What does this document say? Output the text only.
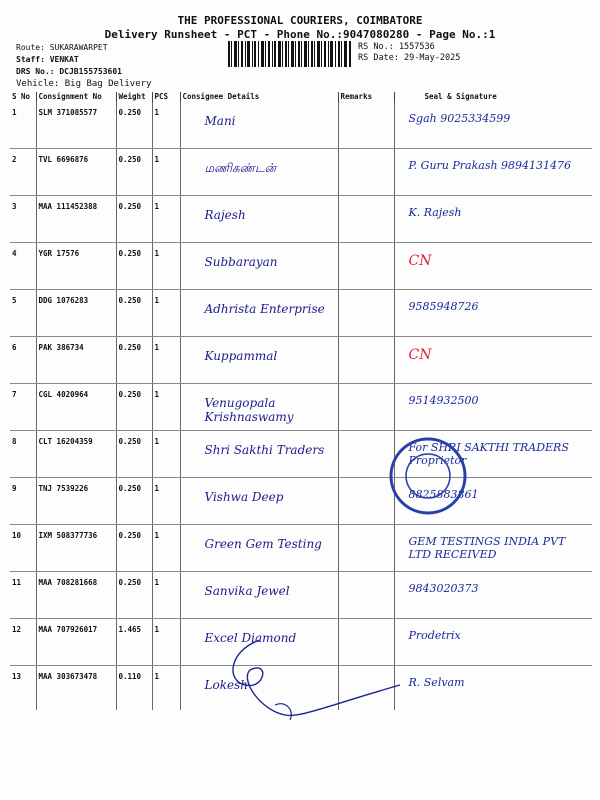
THE PROFESSIONAL COURIERS, COIMBATORE
Delivery Runsheet - PCT - Phone No.:9047080280 - Page No.:1
Route: SUKARAWARPET
Staff: VENKAT
DRS No.: DCJB155753601
Vehicle: Big Bag Delivery
RS No.: 1557536
RS Date: 29-May-2025
S No	Consignment No	Weight	PCS	Consignee Details	Remarks	Seal & Signature
1	SLM 371085577	0.250	1	Mani		Sgah 9025334599

2	TVL 6696876	0.250	1	மணிகண்டன்		P. Guru Prakash 9894131476

3	MAA 111452388	0.250	1	Rajesh		K. Rajesh

4	YGR 17576	0.250	1	Subbarayan		CN

5	DDG 1076283	0.250	1	Adhrista Enterprise		9585948726

6	PAK 386734	0.250	1	Kuppammal		CN

7	CGL 4020964	0.250	1	Venugopala Krishnaswamy		9514932500

8	CLT 16204359	0.250	1	Shri Sakthi Traders		For SHRI SAKTHI TRADERS Proprietor

9	TNJ 7539226	0.250	1	Vishwa Deep		8825883861

10	IXM 508377736	0.250	1	Green Gem Testing		GEM TESTINGS INDIA PVT LTD RECEIVED

11	MAA 708281668	0.250	1	Sanvika Jewel		9843020373

12	MAA 707926017	1.465	1	Excel Diamond		Prodetrix

13	MAA 303673478	0.110	1	Lokesh		R. Selvam
